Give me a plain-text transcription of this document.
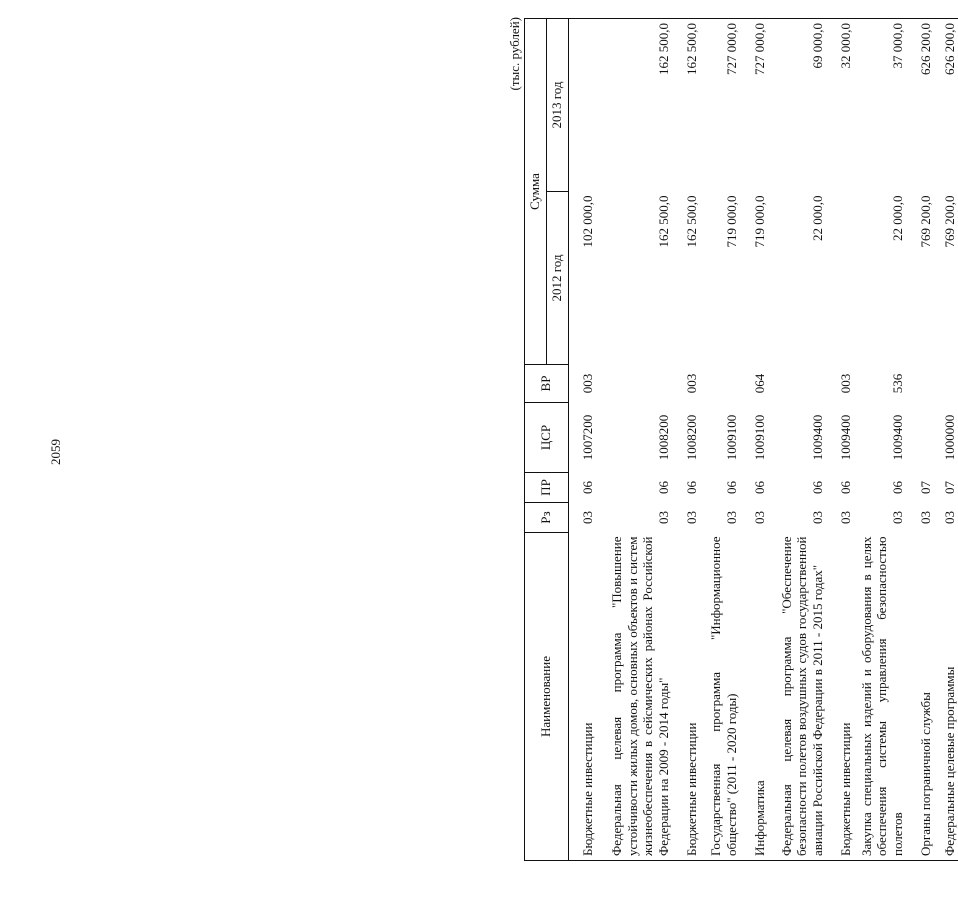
2059
(тыс. рублей)
Наименование	Рз	ПР	ЦСР	ВР	Сумма	
					2012 год	2013 год
Бюджетные инвестиции	03	06	1007200	003	102 000,0	
Федеральная целевая программа "Повышение устойчивости жилых домов, основных объектов и систем жизнеобеспечения в сейсмических районах Российской Федерации на 2009 - 2014 годы"	03	06	1008200		162 500,0	162 500,0
Бюджетные инвестиции	03	06	1008200	003	162 500,0	162 500,0
Государственная программа "Информационное общество" (2011 - 2020 годы)	03	06	1009100		719 000,0	727 000,0
Информатика	03	06	1009100	064	719 000,0	727 000,0
Федеральная целевая программа "Обеспечение безопасности полетов воздушных судов государственной авиации Российской Федерации в 2011 - 2015 годах"	03	06	1009400		22 000,0	69 000,0
Бюджетные инвестиции	03	06	1009400	003		32 000,0
Закупка специальных изделий и оборудования в целях обеспечения системы управления безопасностью полетов	03	06	1009400	536	22 000,0	37 000,0
Органы пограничной службы	03	07			769 200,0	626 200,0
Федеральные целевые программы	03	07	1000000		769 200,0	626 200,0
